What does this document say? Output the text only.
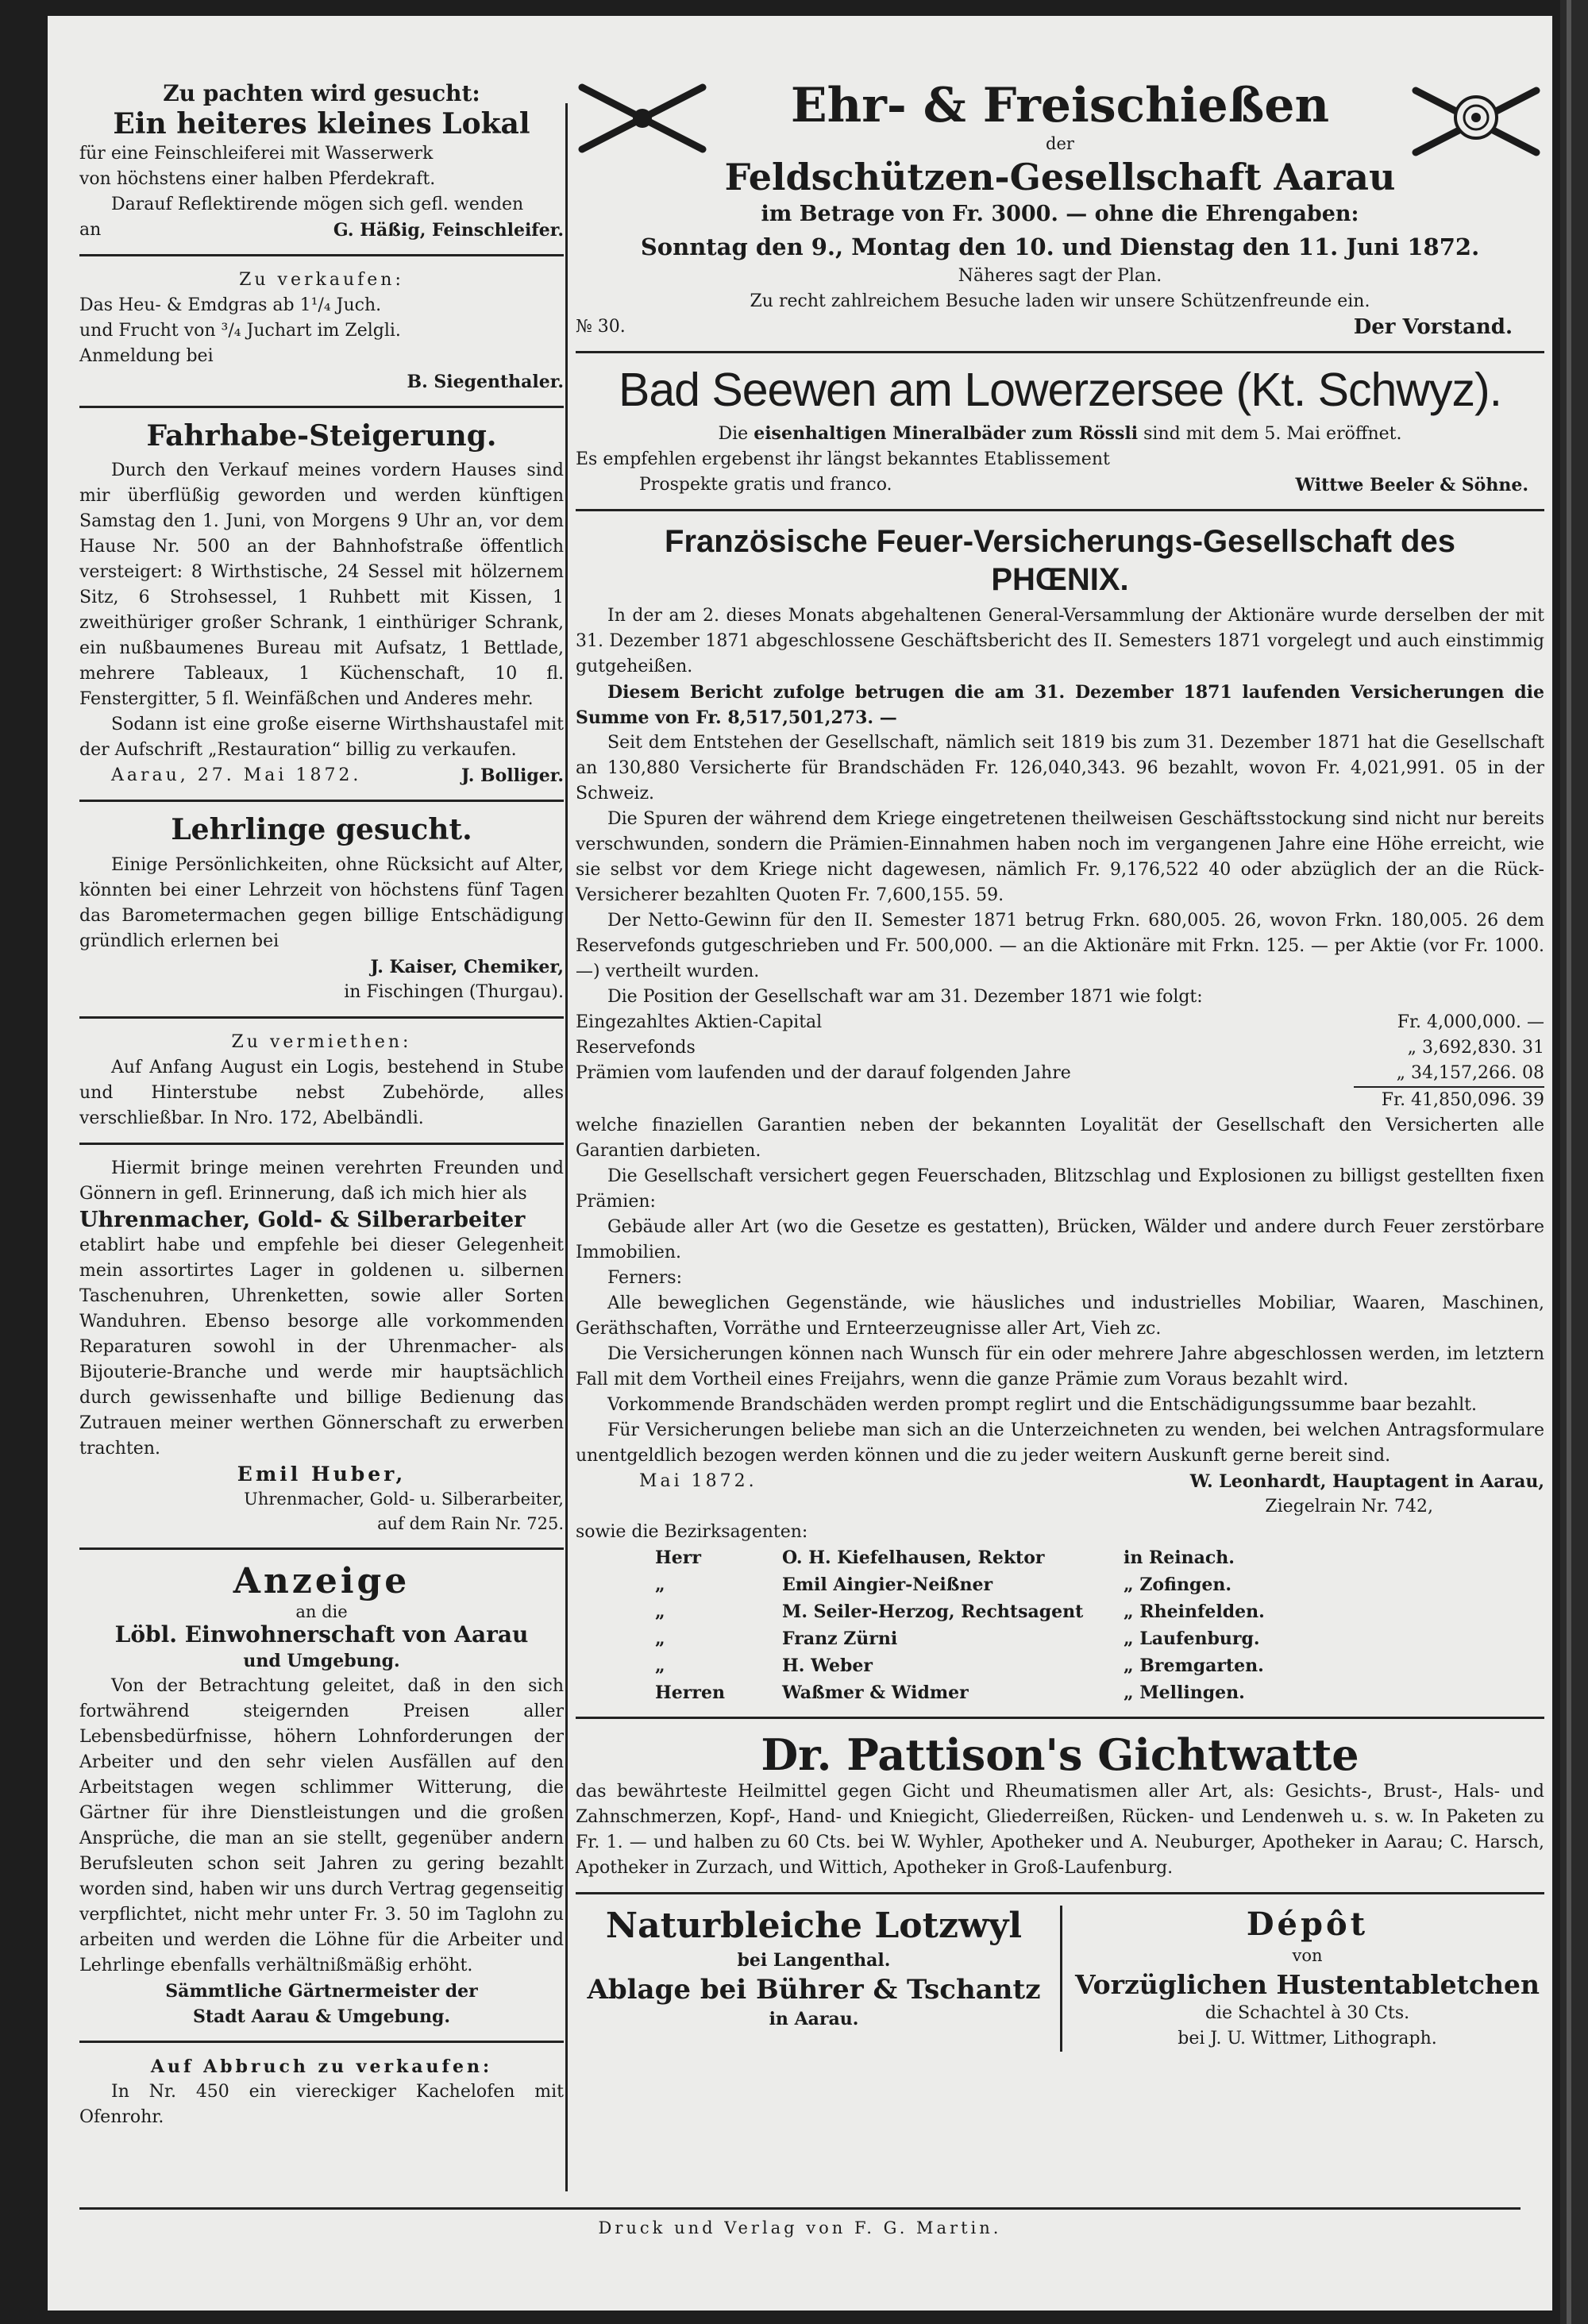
Zu pachten wird gesucht:

Ein heiteres kleines Lokal

für eine Feinschleiferei mit Wasserwerk

von höchstens einer halben Pferdekraft.

Darauf Reflektirende mögen sich gefl. wenden

an	G. Häßig, Feinschleifer.

Zu verkaufen:

Das Heu- & Emdgras ab 1¹/₄ Juch.

und Frucht von ³/₄ Juchart im Zelgli.

Anmeldung bei

B. Siegenthaler.

Fahrhabe-Steigerung.

Durch den Verkauf meines vordern Hauses sind mir überflüßig geworden und werden künftigen Samstag den 1. Juni, von Morgens 9 Uhr an, vor dem Hause Nr. 500 an der Bahnhofstraße öffentlich versteigert: 8 Wirthstische, 24 Sessel mit hölzernem Sitz, 6 Strohsessel, 1 Ruhbett mit Kissen, 1 zweithüriger großer Schrank, 1 einthüriger Schrank, ein nußbaumenes Bureau mit Aufsatz, 1 Bettlade, mehrere Tableaux, 1 Küchenschaft, 10 fl. Fenstergitter, 5 fl. Weinfäßchen und Anderes mehr.

Sodann ist eine große eiserne Wirthshaustafel mit der Aufschrift „Restauration“ billig zu verkaufen.

Aarau, 27. Mai 1872.	J. Bolliger.

Lehrlinge gesucht.

Einige Persönlichkeiten, ohne Rücksicht auf Alter, könnten bei einer Lehrzeit von höchstens fünf Tagen das Barometermachen gegen billige Entschädigung gründlich erlernen bei

J. Kaiser, Chemiker,

in Fischingen (Thurgau).

Zu vermiethen:

Auf Anfang August ein Logis, bestehend in Stube und Hinterstube nebst Zubehörde, alles verschließbar. In Nro. 172, Abelbändli.

Hiermit bringe meinen verehrten Freunden und Gönnern in gefl. Erinnerung, daß ich mich hier als

Uhrenmacher, Gold- & Silberarbeiter

etablirt habe und empfehle bei dieser Gelegenheit mein assortirtes Lager in goldenen u. silbernen Taschenuhren, Uhrenketten, sowie aller Sorten Wanduhren. Ebenso besorge alle vorkommenden Reparaturen sowohl in der Uhrenmacher- als Bijouterie-Branche und werde mir hauptsächlich durch gewissenhafte und billige Bedienung das Zutrauen meiner werthen Gönnerschaft zu erwerben trachten.

Emil Huber,

Uhrenmacher, Gold- u. Silberarbeiter,

auf dem Rain Nr. 725.

Anzeige

an die

Löbl. Einwohnerschaft von Aarau

und Umgebung.

Von der Betrachtung geleitet, daß in den sich fortwährend steigernden Preisen aller Lebensbedürfnisse, höhern Lohnforderungen der Arbeiter und den sehr vielen Ausfällen auf den Arbeitstagen wegen schlimmer Witterung, die Gärtner für ihre Dienstleistungen und die großen Ansprüche, die man an sie stellt, gegenüber andern Berufsleuten schon seit Jahren zu gering bezahlt worden sind, haben wir uns durch Vertrag gegenseitig verpflichtet, nicht mehr unter Fr. 3. 50 im Taglohn zu arbeiten und werden die Löhne für die Arbeiter und Lehrlinge ebenfalls verhältnißmäßig erhöht.

Sämmtliche Gärtnermeister der

Stadt Aarau & Umgebung.

Auf Abbruch zu verkaufen:

In Nr. 450 ein viereckiger Kachelofen mit Ofenrohr.

Ehr- & Freischießen

der

Feldschützen-Gesellschaft Aarau

im Betrage von Fr. 3000. — ohne die Ehrengaben:

Sonntag den 9., Montag den 10. und Dienstag den 11. Juni 1872.

Näheres sagt der Plan.

Zu recht zahlreichem Besuche laden wir unsere Schützenfreunde ein.

№ 30.	Der Vorstand.

Bad Seewen am Lowerzersee (Kt. Schwyz).

Die eisenhaltigen Mineralbäder zum Rössli sind mit dem 5. Mai eröffnet.

Es empfehlen ergebenst ihr längst bekanntes Etablissement

Prospekte gratis und franco.	Wittwe Beeler & Söhne.

Französische Feuer-Versicherungs-Gesellschaft des

PHŒNIX.

In der am 2. dieses Monats abgehaltenen General-Versammlung der Aktionäre wurde derselben der mit 31. Dezember 1871 abgeschlossene Geschäftsbericht des II. Semesters 1871 vorgelegt und auch einstimmig gutgeheißen.

Diesem Bericht zufolge betrugen die am 31. Dezember 1871 laufenden Versicherungen die Summe von Fr. 8,517,501,273. —

Seit dem Entstehen der Gesellschaft, nämlich seit 1819 bis zum 31. Dezember 1871 hat die Gesellschaft an 130,880 Versicherte für Brandschäden Fr. 126,040,343. 96 bezahlt, wovon Fr. 4,021,991. 05 in der Schweiz.

Die Spuren der während dem Kriege eingetretenen theilweisen Geschäftsstockung sind nicht nur bereits verschwunden, sondern die Prämien-Einnahmen haben noch im vergangenen Jahre eine Höhe erreicht, wie sie selbst vor dem Kriege nicht dagewesen, nämlich Fr. 9,176,522 40 oder abzüglich der an die Rück-Versicherer bezahlten Quoten Fr. 7,600,155. 59.

Der Netto-Gewinn für den II. Semester 1871 betrug Frkn. 680,005. 26, wovon Frkn. 180,005. 26 dem Reservefonds gutgeschrieben und Fr. 500,000. — an die Aktionäre mit Frkn. 125. — per Aktie (vor Fr. 1000. —) vertheilt wurden.

Die Position der Gesellschaft war am 31. Dezember 1871 wie folgt:

Eingezahltes Aktien-Capital	Fr. 4,000,000. —
Reservefonds	„ 3,692,830. 31
Prämien vom laufenden und der darauf folgenden Jahre	„ 34,157,266. 08
Fr. 41,850,096. 39

welche finaziellen Garantien neben der bekannten Loyalität der Gesellschaft den Versicherten alle Garantien darbieten.

Die Gesellschaft versichert gegen Feuerschaden, Blitzschlag und Explosionen zu billigst gestellten fixen Prämien:

Gebäude aller Art (wo die Gesetze es gestatten), Brücken, Wälder und andere durch Feuer zerstörbare Immobilien.

Ferners:

Alle beweglichen Gegenstände, wie häusliches und industrielles Mobiliar, Waaren, Maschinen, Geräthschaften, Vorräthe und Ernteerzeugnisse aller Art, Vieh zc.

Die Versicherungen können nach Wunsch für ein oder mehrere Jahre abgeschlossen werden, im letztern Fall mit dem Vortheil eines Freijahrs, wenn die ganze Prämie zum Voraus bezahlt wird.

Vorkommende Brandschäden werden prompt reglirt und die Entschädigungssumme baar bezahlt.

Für Versicherungen beliebe man sich an die Unterzeichneten zu wenden, bei welchen Antragsformulare unentgeldlich bezogen werden können und die zu jeder weitern Auskunft gerne bereit sind.

Mai 1872.	W. Leonhardt, Hauptagent in Aarau,

Ziegelrain Nr. 742,

sowie die Bezirksagenten:

Herr	O. H. Kiefelhausen, Rektor	in Reinach.
„	Emil Aingier-Neißner	„ Zofingen.
„	M. Seiler-Herzog, Rechtsagent	„ Rheinfelden.
„	Franz Zürni	„ Laufenburg.
„	H. Weber	„ Bremgarten.
Herren	Waßmer & Widmer	„ Mellingen.

Dr. Pattison's Gichtwatte

das bewährteste Heilmittel gegen Gicht und Rheumatismen aller Art, als: Gesichts-, Brust-, Hals- und Zahnschmerzen, Kopf-, Hand- und Kniegicht, Gliederreißen, Rücken- und Lendenweh u. s. w. In Paketen zu Fr. 1. — und halben zu 60 Cts. bei W. Wyhler, Apotheker und A. Neuburger, Apotheker in Aarau; C. Harsch, Apotheker in Zurzach, und Wittich, Apotheker in Groß-Laufenburg.

Naturbleiche Lotzwyl

bei Langenthal.

Ablage bei Bührer & Tschantz

in Aarau.

Dépôt

von

Vorzüglichen Hustentabletchen

die Schachtel à 30 Cts.

bei J. U. Wittmer, Lithograph.

Druck und Verlag von F. G. Martin.
